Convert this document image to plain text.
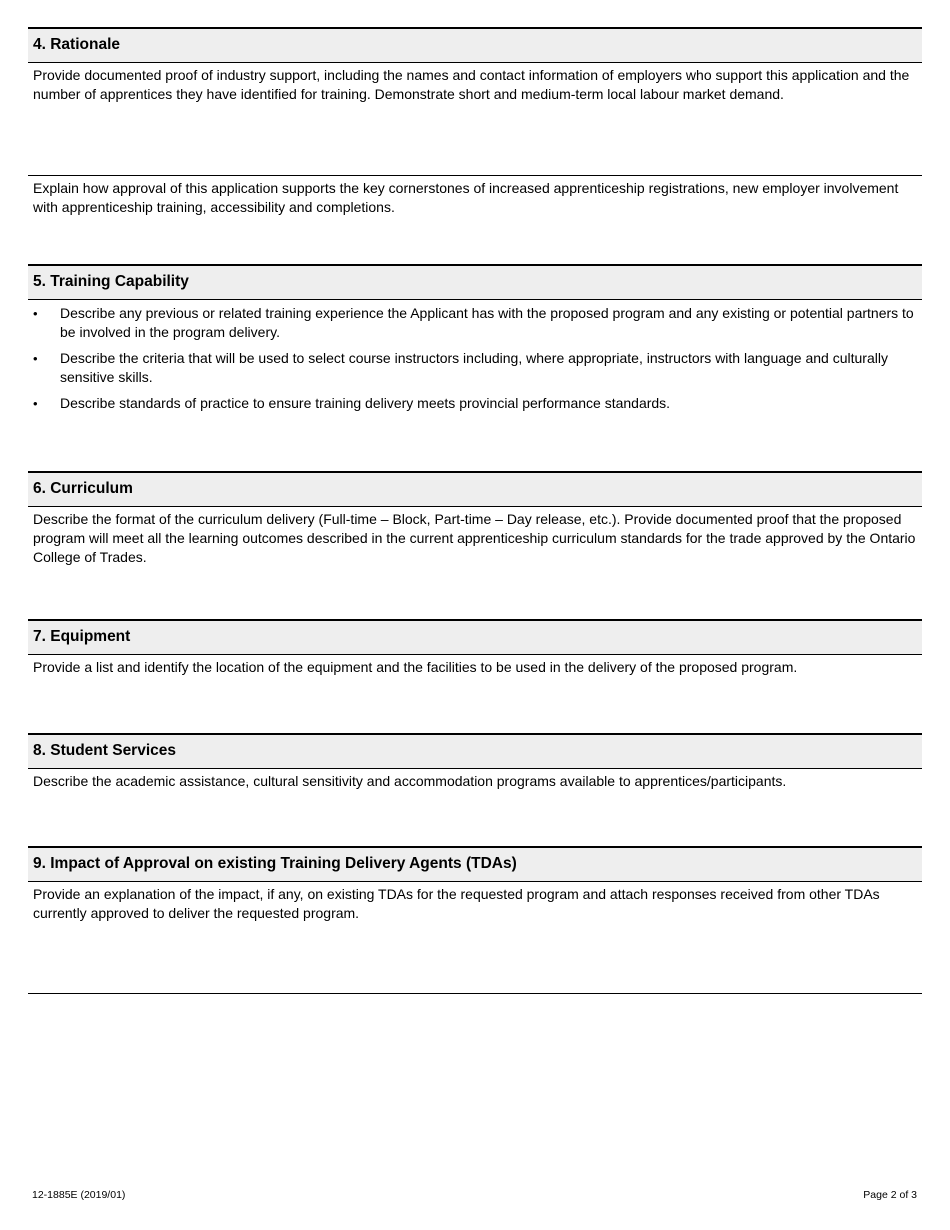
4. Rationale
Provide documented proof of industry support, including the names and contact information of employers who support this application and the number of apprentices they have identified for training. Demonstrate short and medium-term local labour market demand.
Explain how approval of this application supports the key cornerstones of increased apprenticeship registrations, new employer involvement with apprenticeship training, accessibility and completions.
5. Training Capability
• Describe any previous or related training experience the Applicant has with the proposed program and any existing or potential partners to be involved in the program delivery.
• Describe the criteria that will be used to select course instructors including, where appropriate, instructors with language and culturally sensitive skills.
• Describe standards of practice to ensure training delivery meets provincial performance standards.
6. Curriculum
Describe the format of the curriculum delivery (Full-time – Block, Part-time – Day release, etc.). Provide documented proof that the proposed program will meet all the learning outcomes described in the current apprenticeship curriculum standards for the trade approved by the Ontario College of Trades.
7. Equipment
Provide a list and identify the location of the equipment and the facilities to be used in the delivery of the proposed program.
8. Student Services
Describe the academic assistance, cultural sensitivity and accommodation programs available to apprentices/participants.
9. Impact of Approval on existing Training Delivery Agents (TDAs)
Provide an explanation of the impact, if any, on existing TDAs for the requested program and attach responses received from other TDAs currently approved to deliver the requested program.
12-1885E (2019/01)	Page 2 of 3
